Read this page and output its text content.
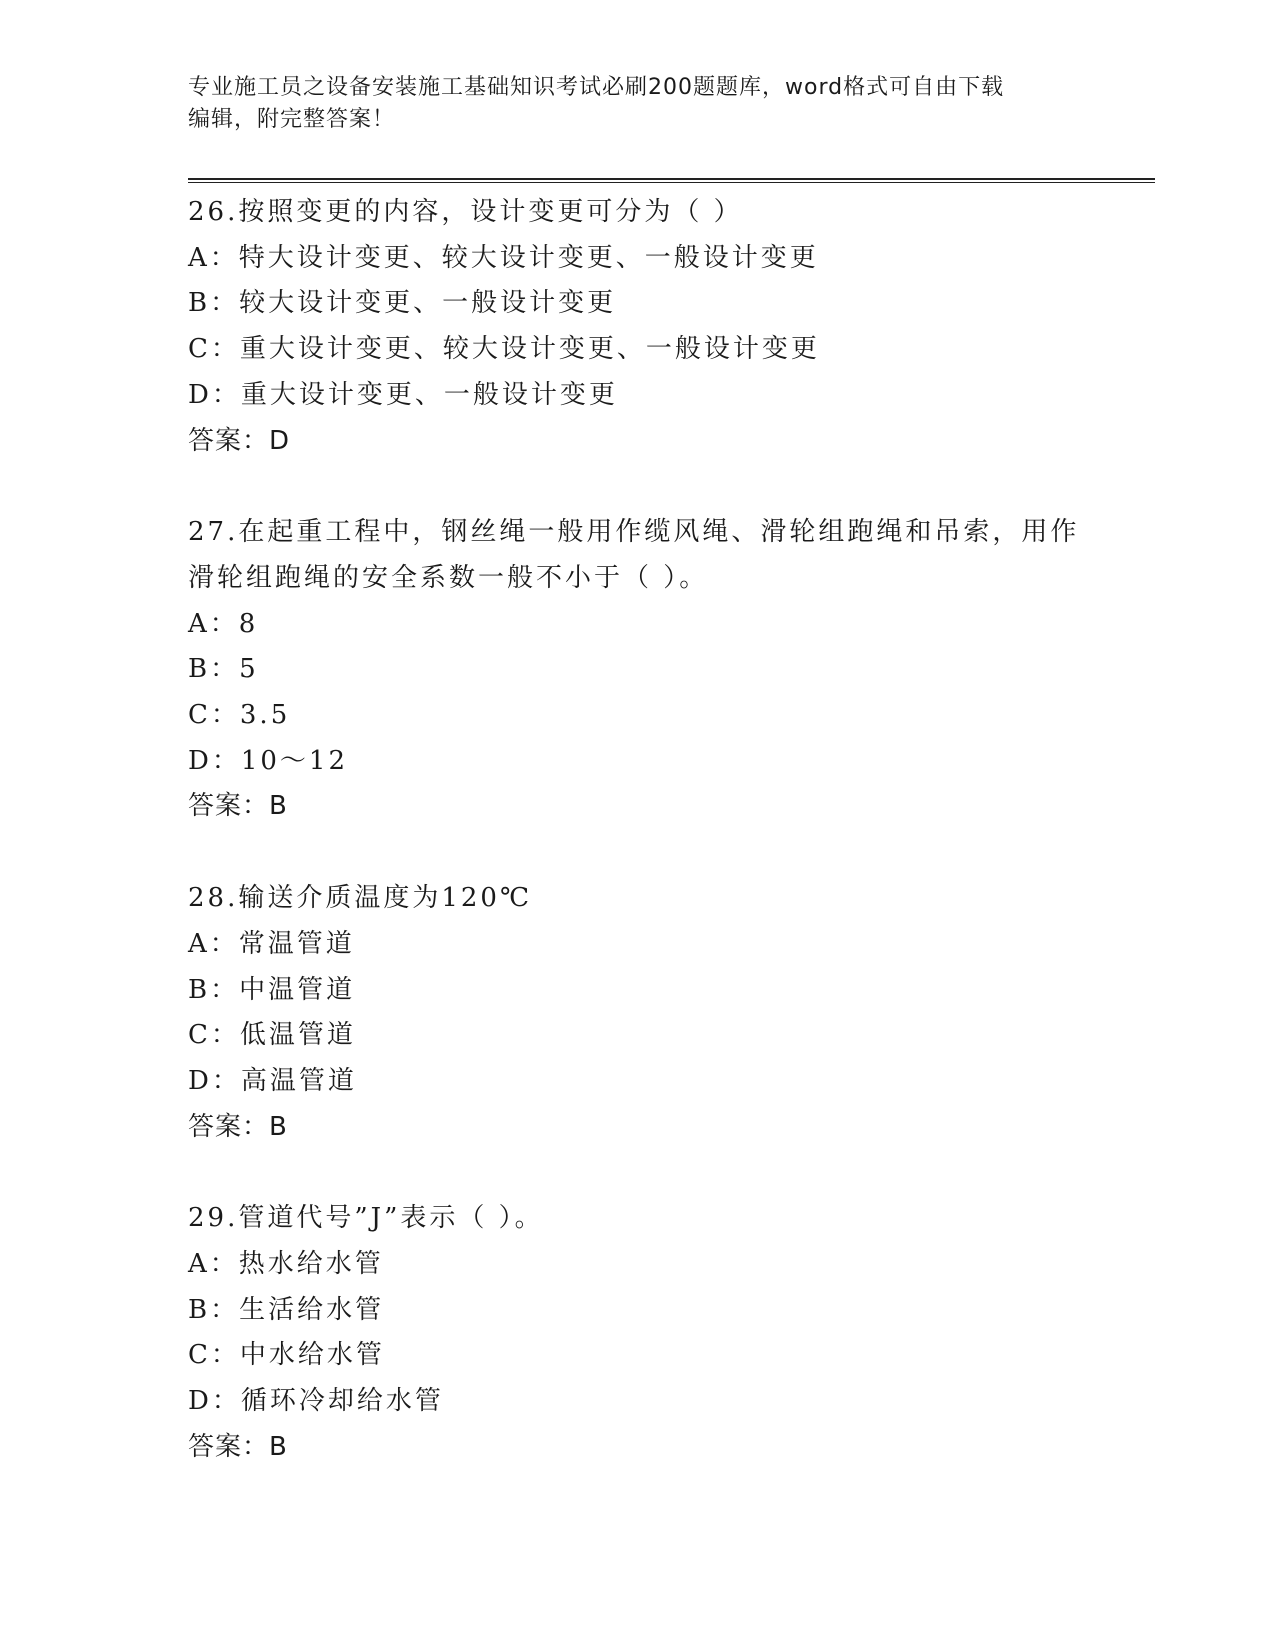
专业施工员之设备安装施工基础知识考试必刷200题题库，word格式可自由下载
编辑，附完整答案！
26.按照变更的内容，设计变更可分为（ ）
A：特大设计变更、较大设计变更、一般设计变更
B：较大设计变更、一般设计变更
C：重大设计变更、较大设计变更、一般设计变更
D：重大设计变更、一般设计变更
答案：D
27.在起重工程中，钢丝绳一般用作缆风绳、滑轮组跑绳和吊索，用作
滑轮组跑绳的安全系数一般不小于（ ）。
A：8
B：5
C：3.5
D：10～12
答案：B
28.输送介质温度为120℃
A：常温管道
B：中温管道
C：低温管道
D：高温管道
答案：B
29.管道代号”J”表示（ ）。
A：热水给水管
B：生活给水管
C：中水给水管
D：循环冷却给水管
答案：B
